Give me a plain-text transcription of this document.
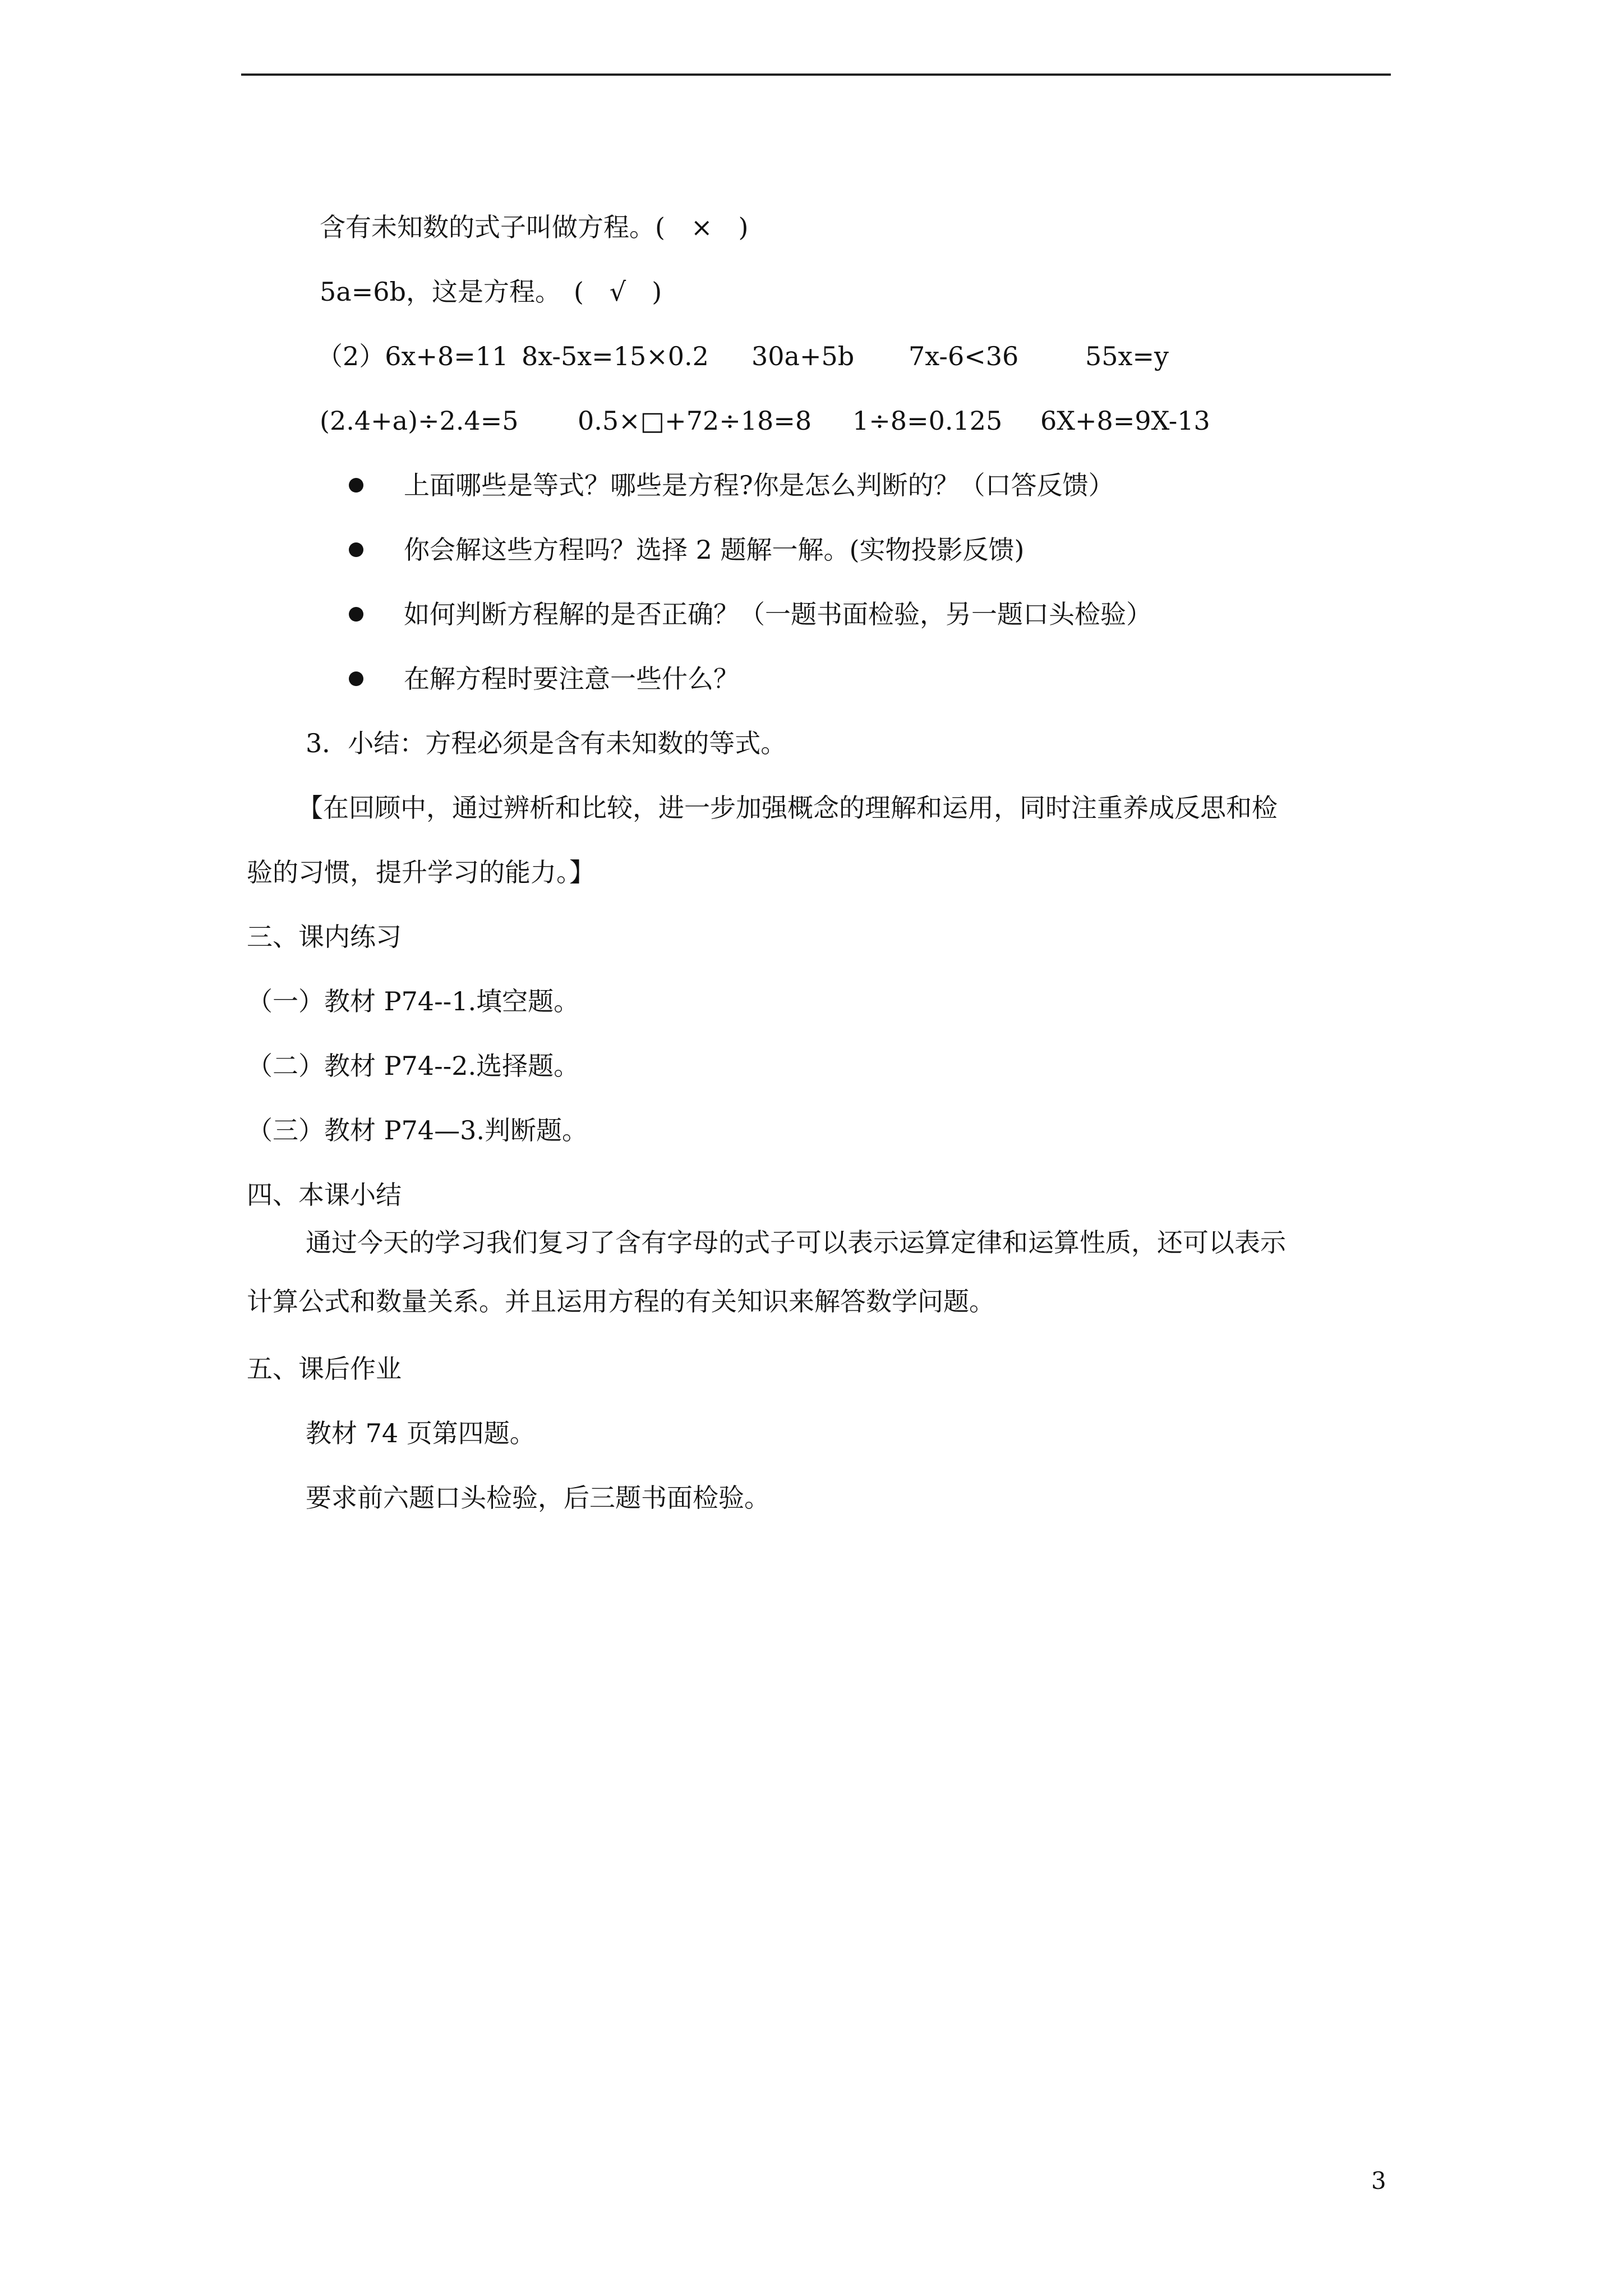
含有未知数的式子叫做方程。(　×　)
5a=6b，这是方程。　(　√　)
（2）6x+8=11 8x-5x=15×0.2 30a+5b 7x-6<36	55x=y
(2.4+a)÷2.4=5 0.5×□+72÷18=8 1÷8=0.125 6X+8=9X-13
上面哪些是等式？哪些是方程?你是怎么判断的？（口答反馈）
你会解这些方程吗？选择 2 题解一解。(实物投影反馈)
如何判断方程解的是否正确？（一题书面检验，另一题口头检验）
在解方程时要注意一些什么？
3．小结：方程必须是含有未知数的等式。
【在回顾中，通过辨析和比较，进一步加强概念的理解和运用，同时注重养成反思和检
验的习惯，提升学习的能力。】
三、课内练习
（一）教材 P74--1.填空题。
（二）教材 P74--2.选择题。
（三）教材 P74—3.判断题。
四、本课小结
通过今天的学习我们复习了含有字母的式子可以表示运算定律和运算性质，还可以表示
计算公式和数量关系。并且运用方程的有关知识来解答数学问题。
五、课后作业
教材 74 页第四题。
要求前六题口头检验，后三题书面检验。
3
